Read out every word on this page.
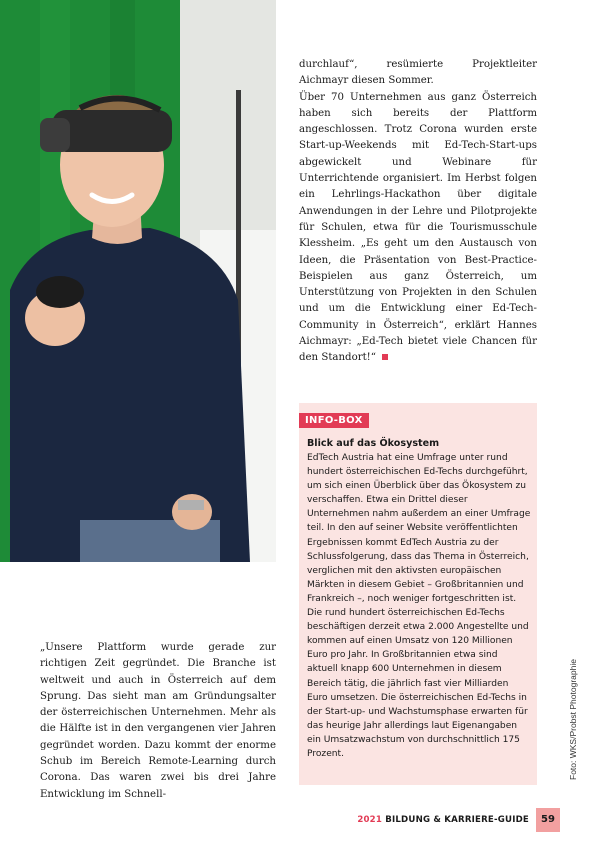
durchlauf“, resümierte Projektleiter Aichmayr diesen Sommer.
Über 70 Unternehmen aus ganz Österreich haben sich bereits der Plattform angeschlossen. Trotz Corona wurden erste Start-up-Weekends mit Ed-Tech-Start-ups abgewickelt und Webinare für Unterrichtende organisiert. Im Herbst folgen ein Lehrlings-Hackathon über digitale Anwendungen in der Lehre und Pilotprojekte für Schulen, etwa für die Tourismusschule Klessheim. „Es geht um den Austausch von Ideen, die Präsentation von Best-Practice-Beispielen aus ganz Österreich, um Unterstützung von Projekten in den Schulen und um die Entwicklung einer Ed-Tech-Community in Österreich“, erklärt Hannes Aichmayr: „Ed-Tech bietet viele Chancen für den Standort!“
„Unsere Plattform wurde gerade zur richtigen Zeit gegründet. Die Branche ist weltweit und auch in Österreich auf dem Sprung. Das sieht man am Gründungsalter der österreichischen Unternehmen. Mehr als die Hälfte ist in den vergangenen vier Jahren gegründet worden. Dazu kommt der enorme Schub im Bereich Remote-Learning durch Corona. Das waren zwei bis drei Jahre Entwicklung im Schnell-
INFO-BOX
Blick auf das Ökosystem
EdTech Austria hat eine Umfrage unter rund hundert österreichischen Ed-Techs durchgeführt, um sich einen Überblick über das Ökosystem zu verschaffen. Etwa ein Drittel dieser Unternehmen nahm außerdem an einer Umfrage teil. In den auf seiner Website veröffentlichten Ergebnissen kommt EdTech Austria zu der Schlussfolgerung, dass das Thema in Österreich, verglichen mit den aktivsten europäischen Märkten in diesem Gebiet – Großbritannien und Frankreich –, noch weniger fortgeschritten ist. Die rund hundert österreichischen Ed-Techs beschäftigen derzeit etwa 2.000 Angestellte und kommen auf einen Umsatz von 120 Millionen Euro pro Jahr. In Großbritannien etwa sind aktuell knapp 600 Unternehmen in diesem Bereich tätig, die jährlich fast vier Milliarden Euro umsetzen. Die österreichischen Ed-Techs in der Start-up- und Wachstumsphase erwarten für das heurige Jahr allerdings laut Eigenangaben ein Umsatzwachstum von durchschnittlich 175 Prozent.	Foto: WKS/Probst Photographie
2021 BILDUNG & KARRIERE-GUIDE	59
